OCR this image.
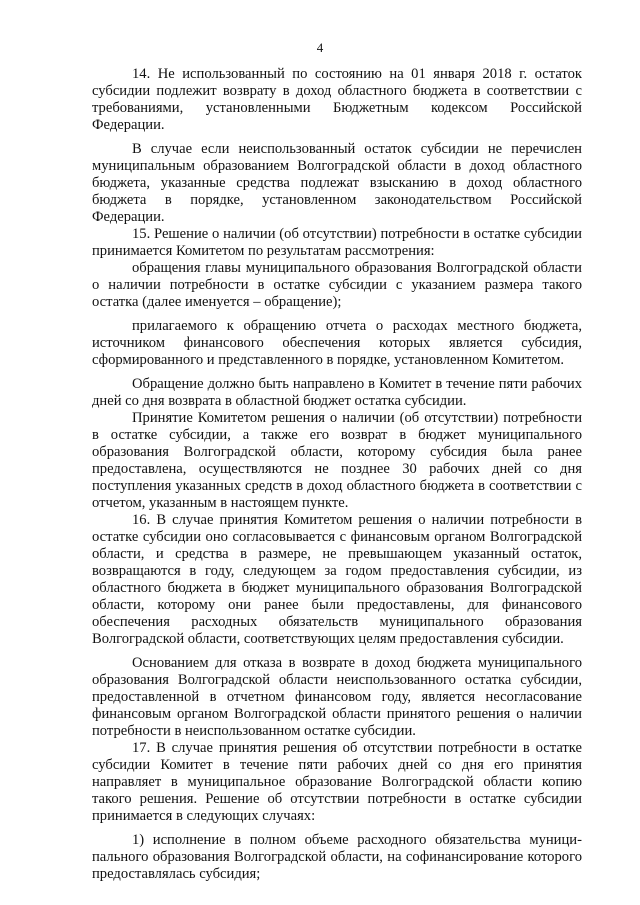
4

14. Не использованный по состоянию на 01 января 2018 г. остаток субсидии подлежит возврату в доход областного бюджета в соответствии с требованиями, установленными Бюджетным кодексом Российской Федерации.

В случае если неиспользованный остаток субсидии не перечислен муниципальным образованием Волгоградской области в доход областного бюджета, указанные средства подлежат взысканию в доход областного бюджета в порядке, установленном законодательством Российской Федерации.

15. Решение о наличии (об отсутствии) потребности в остатке субсидии принимается Комитетом по результатам рассмотрения:

обращения главы муниципального образования Волгоградской области о наличии потребности в остатке субсидии с указанием размера такого остатка (далее именуется – обращение);

прилагаемого к обращению отчета о расходах местного бюджета, источником финансового обеспечения которых является субсидия, сформированного и представленного в порядке, установленном Комитетом.

Обращение должно быть направлено в Комитет в течение пяти рабочих дней со дня возврата в областной бюджет остатка субсидии.

Принятие Комитетом решения о наличии (об отсутствии) потребности в остатке субсидии, а также его возврат в бюджет муниципального образования Волгоградской области, которому субсидия была ранее предоставлена, осуществляются не позднее 30 рабочих дней со дня поступления указанных средств в доход областного бюджета в соответствии с отчетом, указанным в настоящем пункте.

16. В случае принятия Комитетом решения о наличии потребности в остатке субсидии оно согласовывается с финансовым органом Волгоградской области, и средства в размере, не превышающем указанный остаток, возвращаются в году, следующем за годом предоставления субсидии, из областного бюджета в бюджет муниципального образования Волгоградской области, которому они ранее были предоставлены, для финансового обеспечения расходных обязательств муниципального образования Волгоградской области, соответствующих целям предоставления субсидии.

Основанием для отказа в возврате в доход бюджета муниципального образования Волгоградской области неиспользованного остатка субсидии, предоставленной в отчетном финансовом году, является несогласование финансовым органом Волгоградской области принятого решения о наличии потребности в неиспользованном остатке субсидии.

17. В случае принятия решения об отсутствии потребности в остатке субсидии Комитет в течение пяти рабочих дней со дня его принятия направляет в муниципальное образование Волгоградской области копию такого решения. Решение об отсутствии потребности в остатке субсидии принимается в следующих случаях:

1) исполнение в полном объеме расходного обязательства муниципального образования Волгоградской области, на софинансирование которого предоставлялась субсидия;
